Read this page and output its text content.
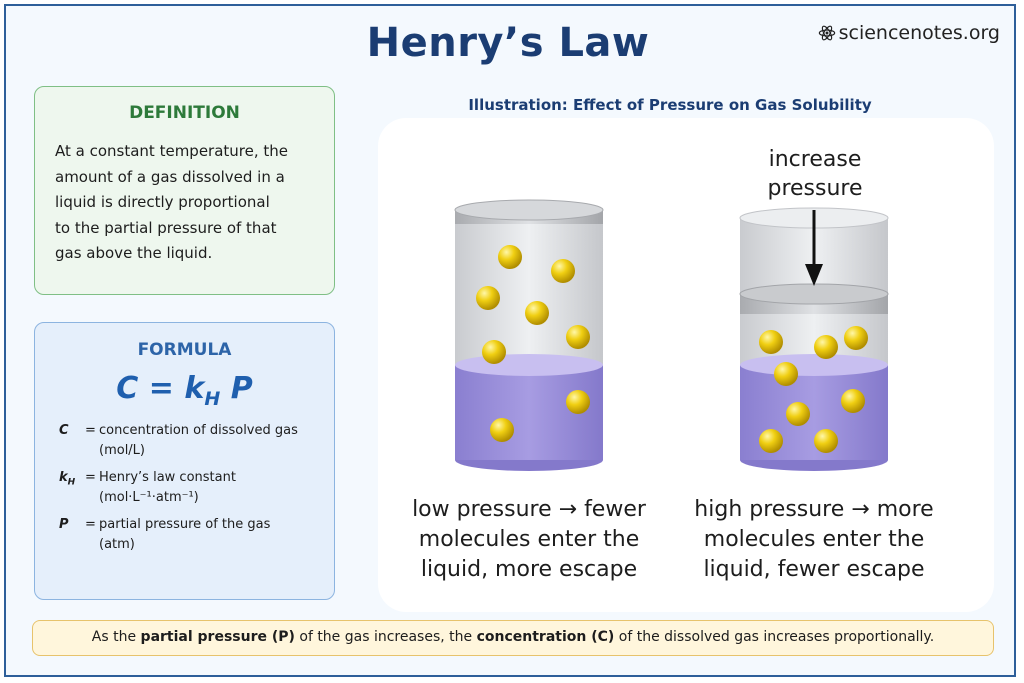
Henry’s Law	sciencenotes.org
DEFINITION
At a constant temperature, the
amount of a gas dissolved in a
liquid is directly proportional
to the partial pressure of that
gas above the liquid.
FORMULA
$C = k_H$ P
C	= concentration of dissolved gas
(mol/L)
$k_H$ = Henry’s law constant
(mol·L⁻¹·atm⁻¹)
P	= partial pressure of the gas
(atm)
Illustration: Effect of Pressure on Gas Solubility
increase
pressure
low pressure → fewer
molecules enter the
liquid, more escape
high pressure → more
molecules enter the
liquid, fewer escape
As the partial pressure (P) of the gas increases, the concentration (C) of the dissolved gas increases proportionally.
